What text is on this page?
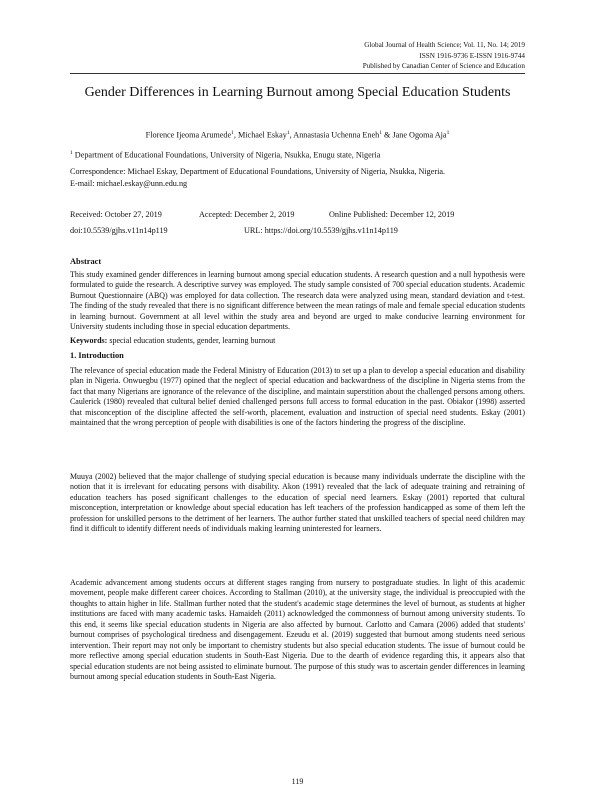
Global Journal of Health Science; Vol. 11, No. 14; 2019
ISSN 1916-9736 E-ISSN 1916-9744
Published by Canadian Center of Science and Education
Gender Differences in Learning Burnout among Special Education Students
Florence Ijeoma Arumede$^1$, Michael Eskay$^1$, Annastasia Uchenna Eneh$^1$ & Jane Ogoma Aja$^1$
$^1$ Department of Educational Foundations, University of Nigeria, Nsukka, Enugu state, Nigeria
Correspondence: Michael Eskay, Department of Educational Foundations, University of Nigeria, Nsukka, Nigeria.
E-mail: michael.eskay@unn.edu.ng
Received: October 27, 2019	Accepted: December 2, 2019	Online Published: December 12, 2019
doi:10.5539/gjhs.v11n14p119	URL: https://doi.org/10.5539/gjhs.v11n14p119
Abstract
This study examined gender differences in learning burnout among special education students. A research question and a null hypothesis were formulated to guide the research. A descriptive survey was employed. The study sample consisted of 700 special education students. Academic Burnout Questionnaire (ABQ) was employed for data collection. The research data were analyzed using mean, standard deviation and t-test. The finding of the study revealed that there is no significant difference between the mean ratings of male and female special education students in learning burnout. Government at all level within the study area and beyond are urged to make conducive learning environment for University students including those in special education departments.
Keywords: special education students, gender, learning burnout
1. Introduction
The relevance of special education made the Federal Ministry of Education (2013) to set up a plan to develop a special education and disability plan in Nigeria. Onwuegbu (1977) opined that the neglect of special education and backwardness of the discipline in Nigeria stems from the fact that many Nigerians are ignorance of the relevance of the discipline, and maintain superstition about the challenged persons among others. Caulerick (1980) revealed that cultural belief denied challenged persons full access to formal education in the past. Obiakor (1998) asserted that misconception of the discipline affected the self-worth, placement, evaluation and instruction of special need students. Eskay (2001) maintained that the wrong perception of people with disabilities is one of the factors hindering the progress of the discipline.
Muuya (2002) believed that the major challenge of studying special education is because many individuals underrate the discipline with the notion that it is irrelevant for educating persons with disability. Akon (1991) revealed that the lack of adequate training and retraining of education teachers has posed significant challenges to the education of special need learners. Eskay (2001) reported that cultural misconception, interpretation or knowledge about special education has left teachers of the profession handicapped as some of them left the profession for unskilled persons to the detriment of her learners. The author further stated that unskilled teachers of special need children may find it difficult to identify different needs of individuals making learning uninterested for learners.
Academic advancement among students occurs at different stages ranging from nursery to postgraduate studies. In light of this academic movement, people make different career choices. According to Stallman (2010), at the university stage, the individual is preoccupied with the thoughts to attain higher in life. Stallman further noted that the student's academic stage determines the level of burnout, as students at higher institutions are faced with many academic tasks. Hamaideh (2011) acknowledged the commonness of burnout among university students. To this end, it seems like special education students in Nigeria are also affected by burnout. Carlotto and Camara (2006) added that students' burnout comprises of psychological tiredness and disengagement. Ezeudu et al. (2019) suggested that burnout among students need serious intervention. Their report may not only be important to chemistry students but also special education students. The issue of burnout could be more reflective among special education students in South-East Nigeria. Due to the dearth of evidence regarding this, it appears also that special education students are not being assisted to eliminate burnout. The purpose of this study was to ascertain gender differences in learning burnout among special education students in South-East Nigeria.
119
